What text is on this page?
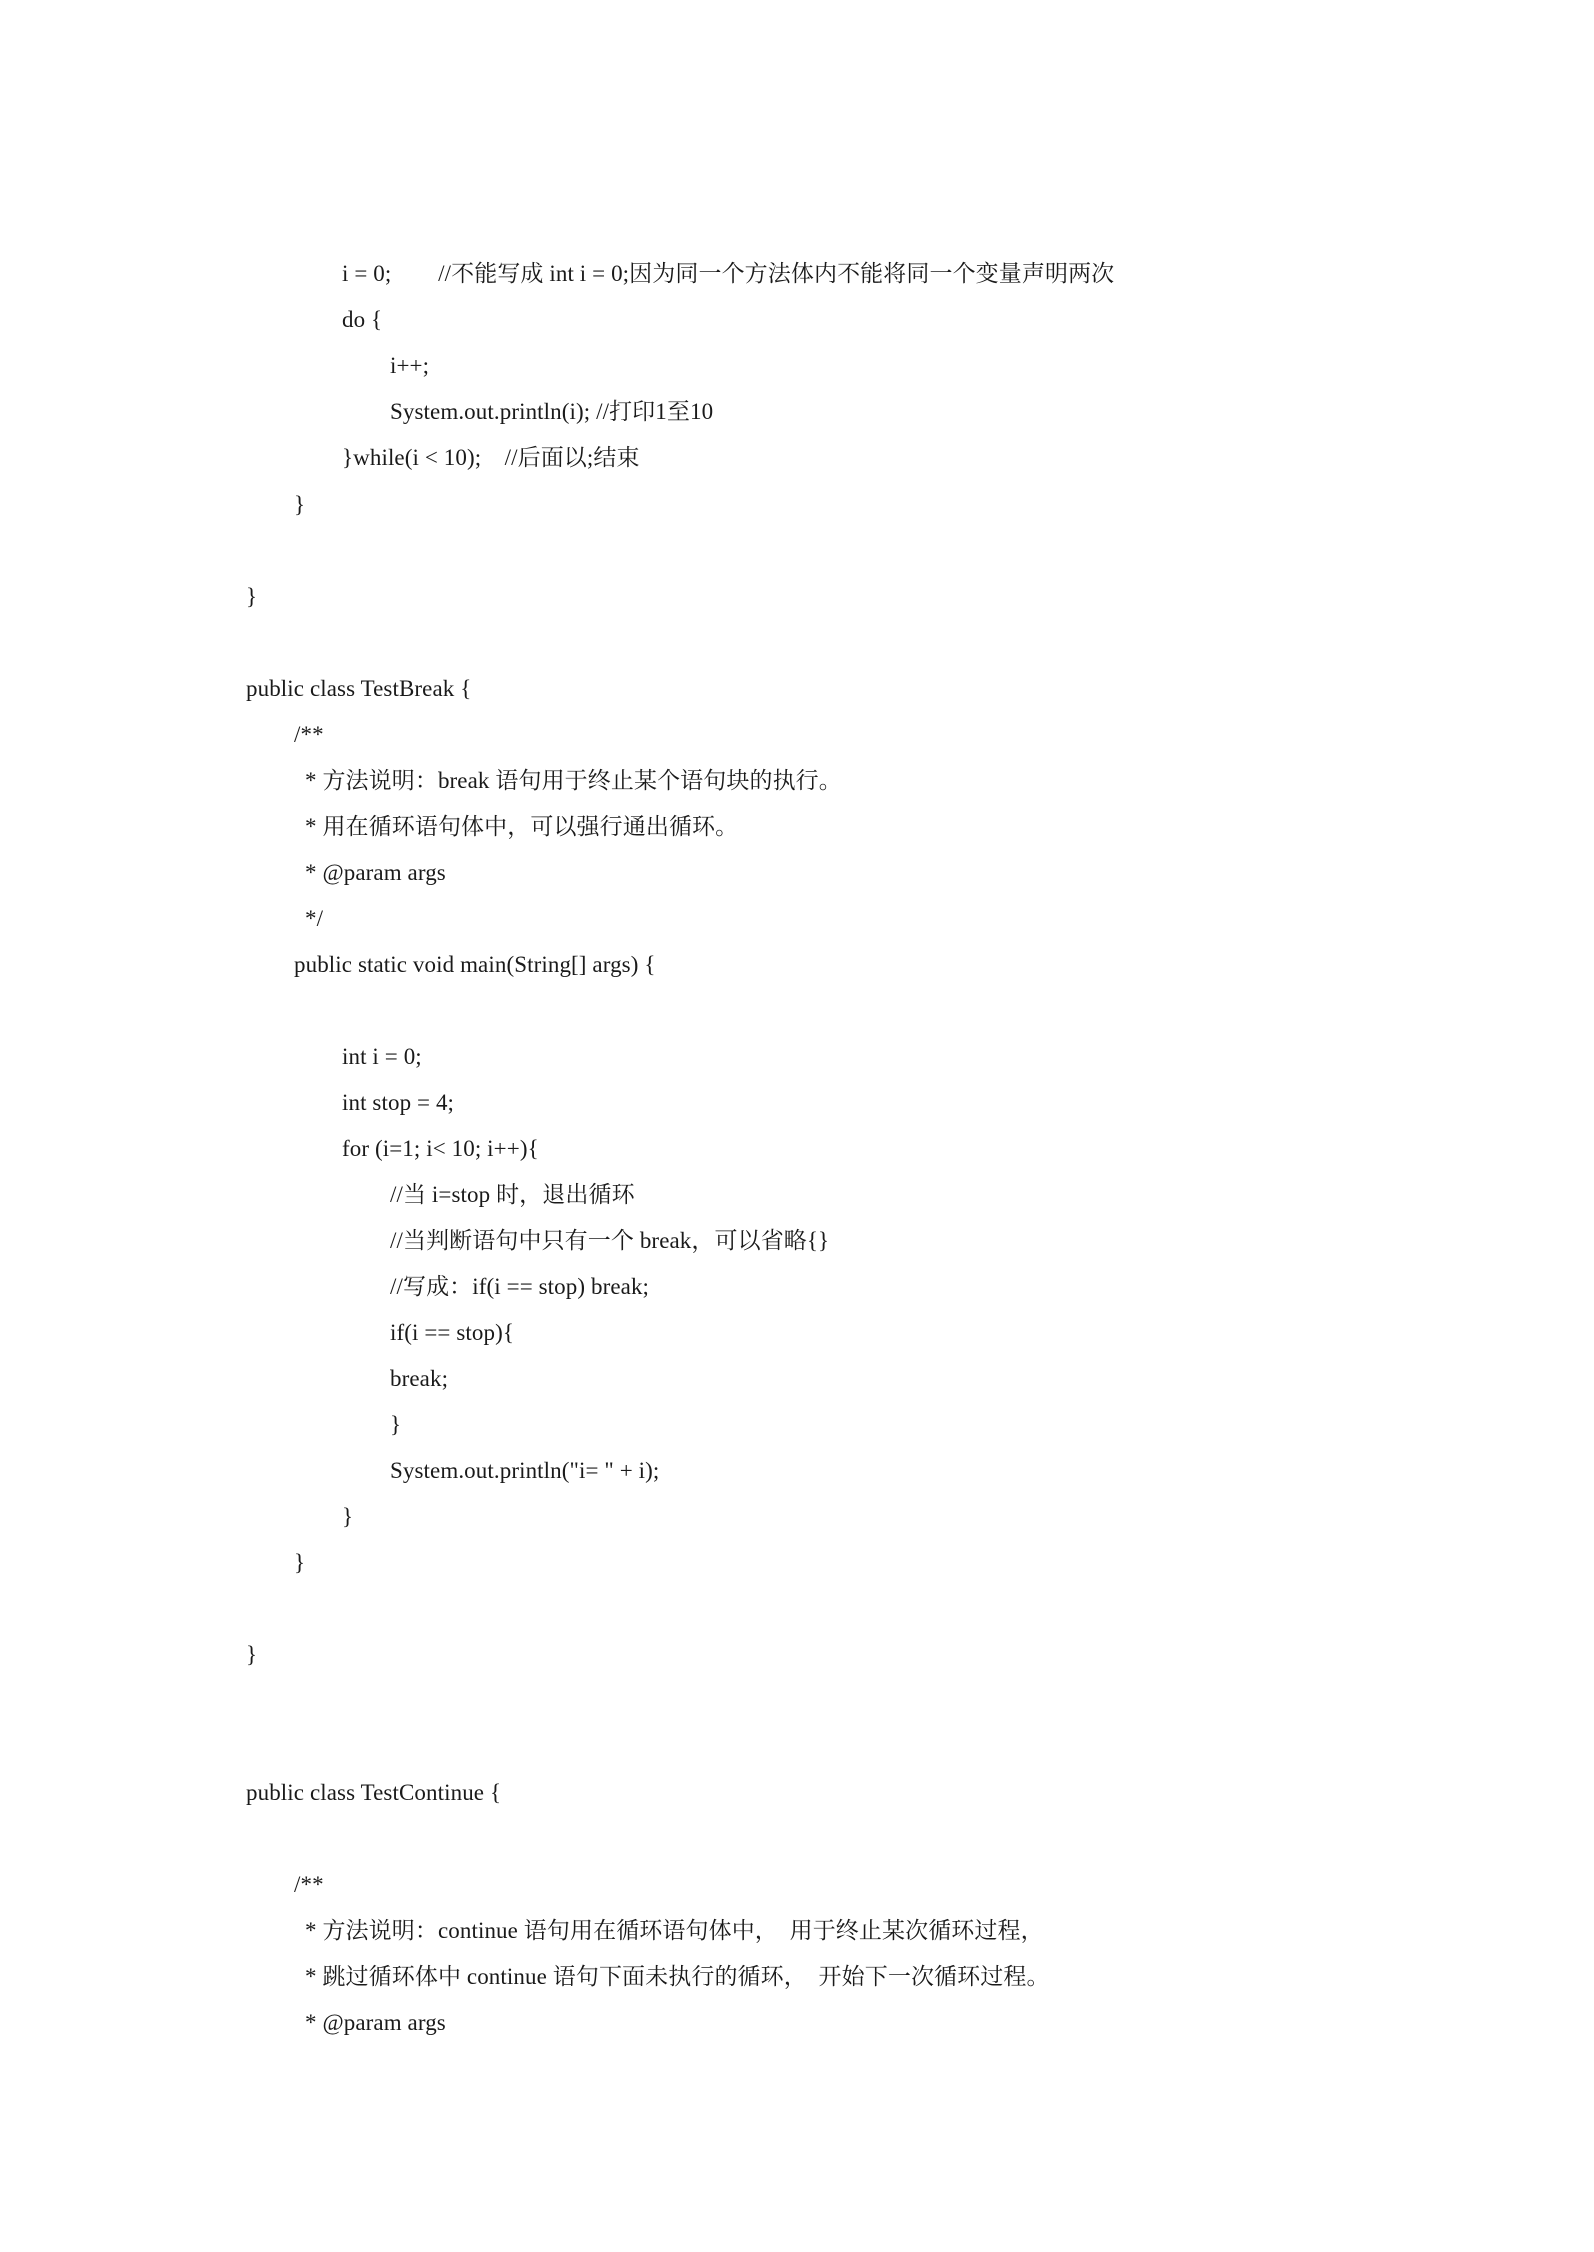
i = 0;        //不能写成 int i = 0;因为同一个方法体内不能将同一个变量声明两次
do {
i++;
System.out.println(i); //打印1至10
}while(i < 10);    //后面以;结束
}
}
public class TestBreak {
/**
* 方法说明：break 语句用于终止某个语句块的执行。
* 用在循环语句体中，可以强行通出循环。
* @param args
*/
public static void main(String[] args) {
int i = 0;
int stop = 4;
for (i=1; i< 10; i++){
//当 i=stop 时，退出循环
//当判断语句中只有一个 break，可以省略{}
//写成：if(i == stop) break;
if(i == stop){
break;
}
System.out.println("i= " + i);
}
}
}
public class TestContinue {
/**
* 方法说明：continue 语句用在循环语句体中，  用于终止某次循环过程，
* 跳过循环体中 continue 语句下面未执行的循环，  开始下一次循环过程。
* @param args
